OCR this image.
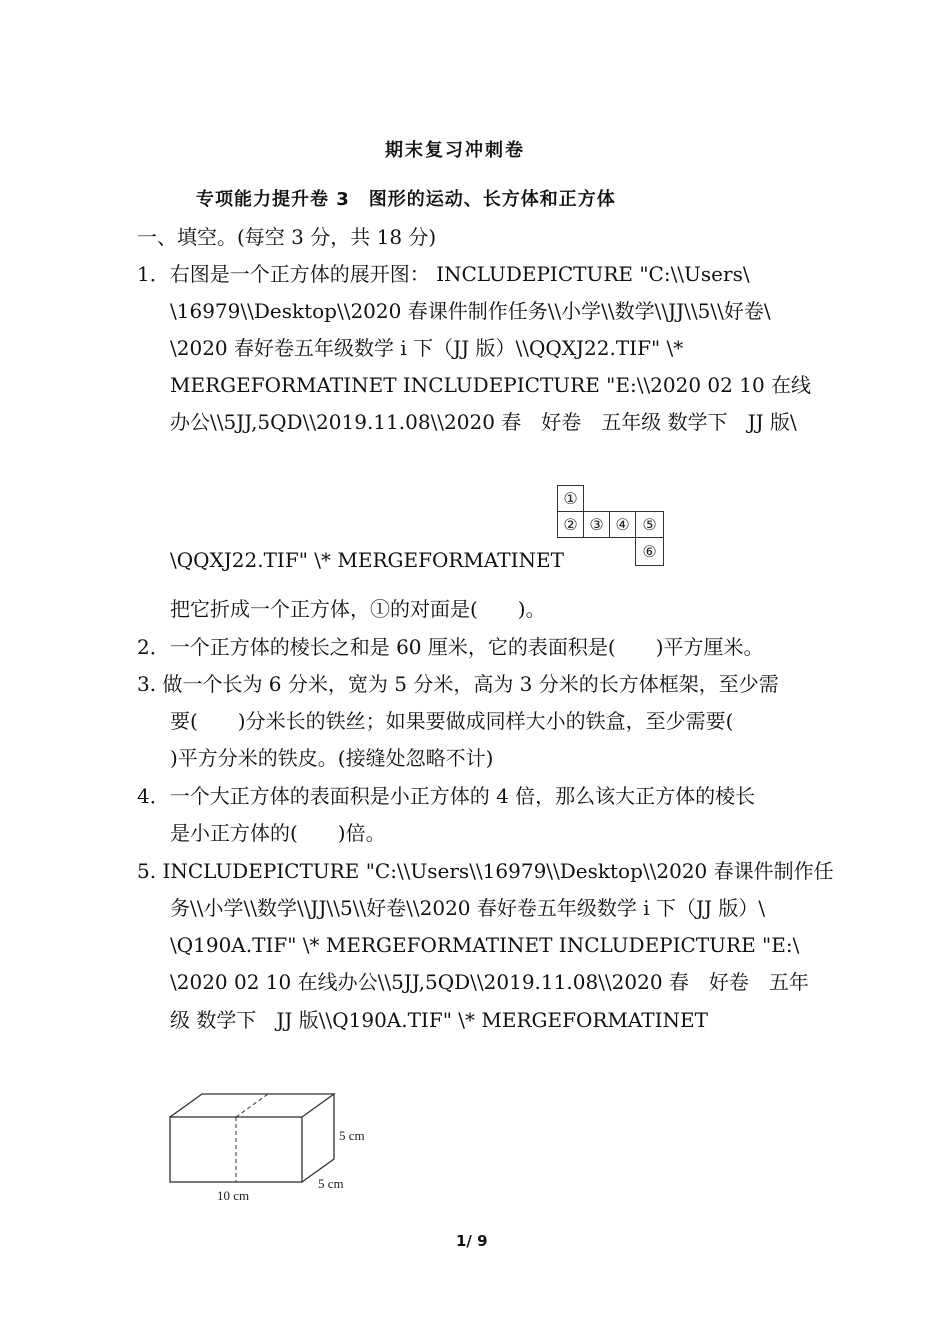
期末复习冲刺卷
专项能力提升卷 3　图形的运动、长方体和正方体
一、填空。(每空 3 分，共 18 分)
1．右图是一个正方体的展开图： INCLUDEPICTURE "C:\\Users\
\16979\\Desktop\\2020 春课件制作任务\\小学\\数学\\JJ\\5\\好卷\
\2020 春好卷五年级数学 i 下（JJ 版）\\QQXJ22.TIF" \*
MERGEFORMATINET INCLUDEPICTURE "E:\\2020 02 10 在线
办公\\5JJ,5QD\\2019.11.08\\2020 春　好卷　五年级 数学下　JJ 版\
\QQXJ22.TIF" \* MERGEFORMATINET
①
② ③ ④ ⑤
⑥
把它折成一个正方体，①的对面是(　　)。
2．一个正方体的棱长之和是 60 厘米，它的表面积是(　　)平方厘米。
3. 做一个长为 6 分米，宽为 5 分米，高为 3 分米的长方体框架，至少需
要(　　)分米长的铁丝；如果要做成同样大小的铁盒，至少需要(
)平方分米的铁皮。(接缝处忽略不计)
4．一个大正方体的表面积是小正方体的 4 倍，那么该大正方体的棱长
是小正方体的(　　)倍。
5. INCLUDEPICTURE "C:\\Users\\16979\\Desktop\\2020 春课件制作任
务\\小学\\数学\\JJ\\5\\好卷\\2020 春好卷五年级数学 i 下（JJ 版）\
\Q190A.TIF" \* MERGEFORMATINET INCLUDEPICTURE "E:\
\2020 02 10 在线办公\\5JJ,5QD\\2019.11.08\\2020 春　好卷　五年
级 数学下　JJ 版\\Q190A.TIF" \* MERGEFORMATINET
5 cm
5 cm
10 cm
1/ 9
